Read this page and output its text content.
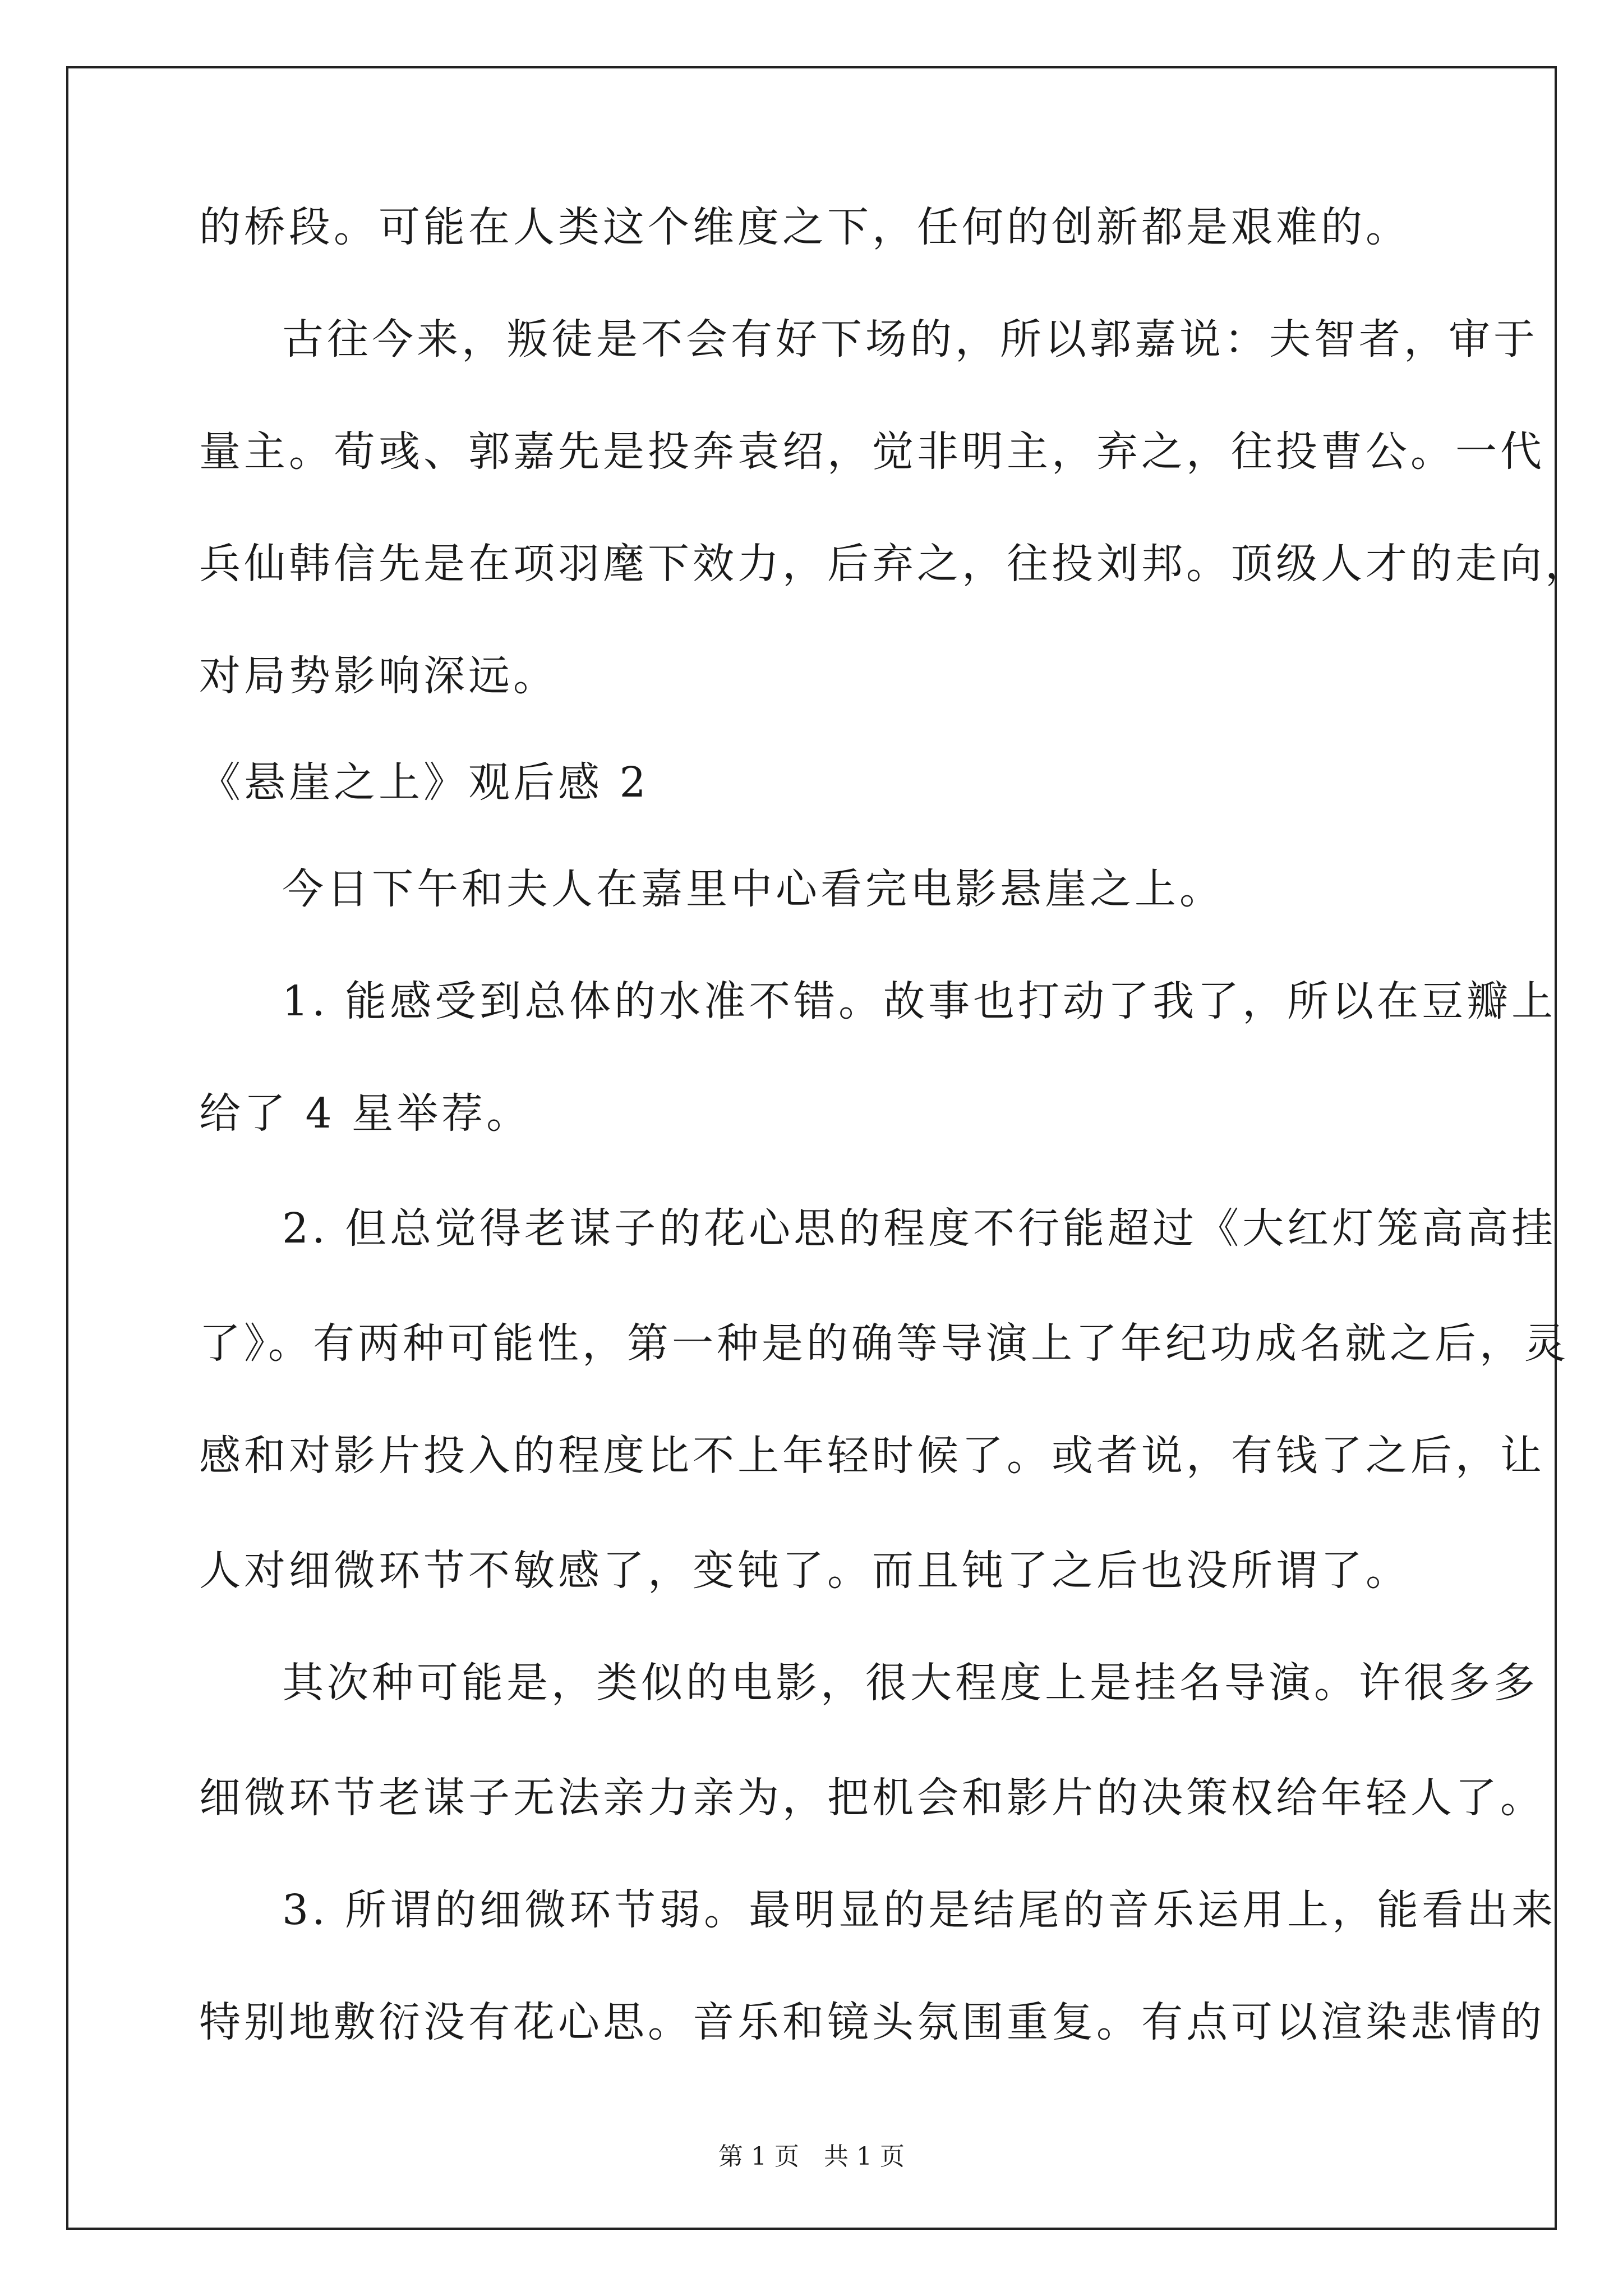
的桥段。可能在人类这个维度之下，任何的创新都是艰难的。
古往今来，叛徒是不会有好下场的，所以郭嘉说：夫智者，审于
量主。荀彧、郭嘉先是投奔袁绍，觉非明主，弃之，往投曹公。一代
兵仙韩信先是在项羽麾下效力，后弃之，往投刘邦。顶级人才的走向，
对局势影响深远。
《悬崖之上》观后感 2
今日下午和夫人在嘉里中心看完电影悬崖之上。
1. 能感受到总体的水准不错。故事也打动了我了，所以在豆瓣上
给了 4 星举荐。
2. 但总觉得老谋子的花心思的程度不行能超过《大红灯笼高高挂
了》。有两种可能性，第一种是的确等导演上了年纪功成名就之后，灵
感和对影片投入的程度比不上年轻时候了。或者说，有钱了之后，让
人对细微环节不敏感了，变钝了。而且钝了之后也没所谓了。
其次种可能是，类似的电影，很大程度上是挂名导演。许很多多
细微环节老谋子无法亲力亲为，把机会和影片的决策权给年轻人了。
3. 所谓的细微环节弱。最明显的是结尾的音乐运用上，能看出来
特别地敷衍没有花心思。音乐和镜头氛围重复。有点可以渲染悲情的
第 1 页　共 1 页
